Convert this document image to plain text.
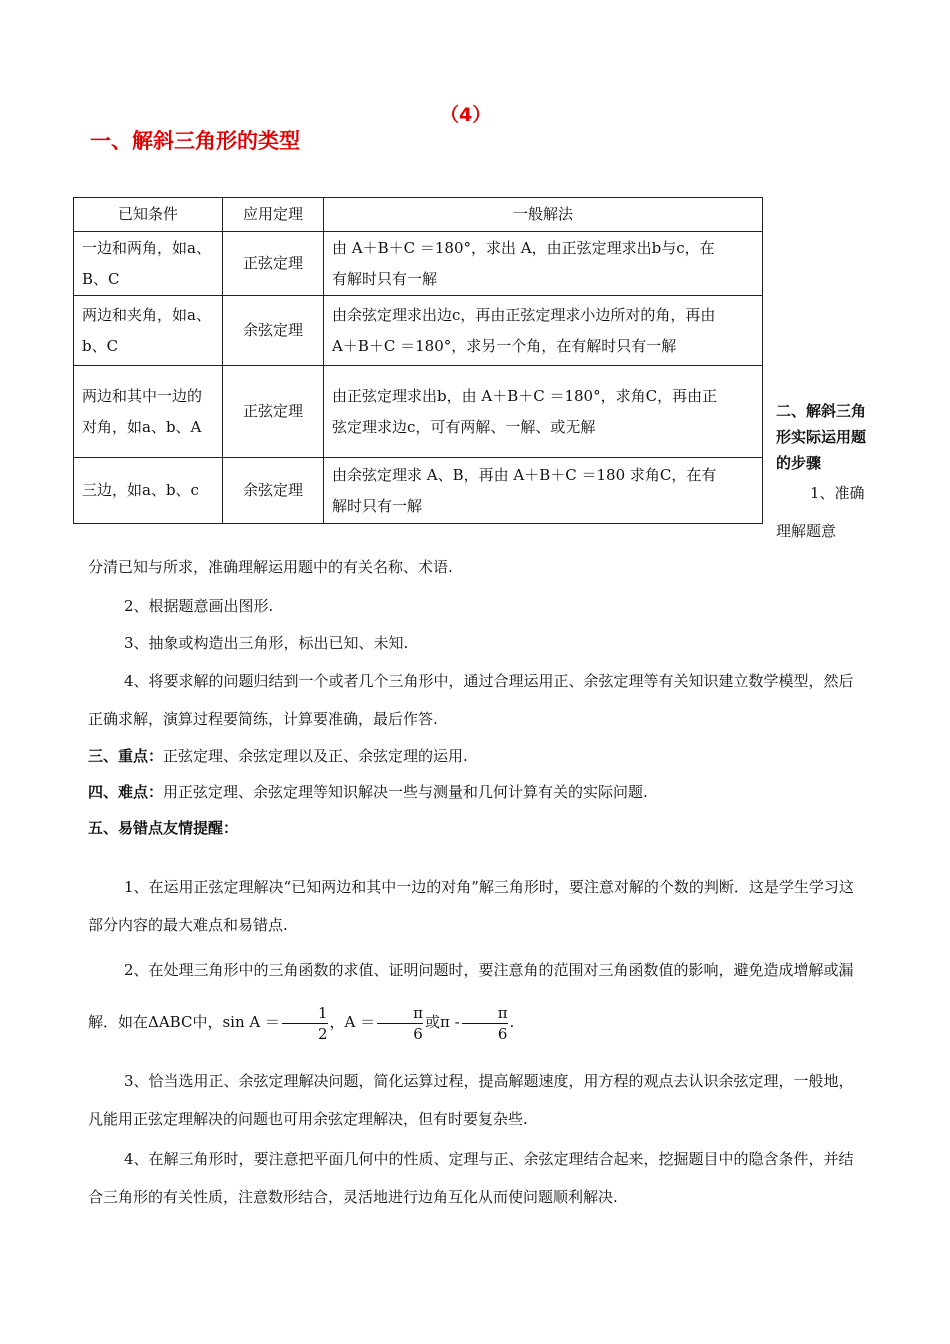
（4）
一、解斜三角形的类型
已知条件	应用定理	一般解法
一边和两角，如a、B、C	正弦定理	由 A＋B＋C ＝180°，求出 A，由正弦定理求出b与c，在
有解时只有一解

两边和夹角，如a、b、C	余弦定理	由余弦定理求出边c，再由正弦定理求小边所对的角，再由
A＋B＋C ＝180°，求另一个角，在有解时只有一解

两边和其中一边的对角，如a、b、A	正弦定理	由正弦定理求出b，由 A＋B＋C ＝180°，求角C，再由正
弦定理求边c，可有两解、一解、或无解

三边，如a、b、c	余弦定理	由余弦定理求 A、B，再由 A＋B＋C ＝180 求角C，在有
解时只有一解
二、解斜三角形实际运用题的步骤
1、准确理解题意
分清已知与所求，准确理解运用题中的有关名称、术语.
2、根据题意画出图形.
3、抽象或构造出三角形，标出已知、未知.
4、将要求解的问题归结到一个或者几个三角形中，通过合理运用正、余弦定理等有关知识建立数学模型，然后正确求解，演算过程要简练，计算要准确，最后作答.
三、重点：正弦定理、余弦定理以及正、余弦定理的运用.
四、难点：用正弦定理、余弦定理等知识解决一些与测量和几何计算有关的实际问题.
五、易错点友情提醒：
1、在运用正弦定理解决“已知两边和其中一边的对角”解三角形时，要注意对解的个数的判断．这是学生学习这部分内容的最大难点和易错点.
2、在处理三角形中的三角函数的求值、证明问题时，要注意角的范围对三角函数值的影响，避免造成增解或漏解．如在ΔABC中，$\sin A = \frac{1}{2}$ ，$A = \frac{\pi}{6}$ 或π - $\frac{\pi}{6}$ .
3、恰当选用正、余弦定理解决问题，简化运算过程，提高解题速度，用方程的观点去认识余弦定理，一般地，凡能用正弦定理解决的问题也可用余弦定理解决，但有时要复杂些.
4、在解三角形时，要注意把平面几何中的性质、定理与正、余弦定理结合起来，挖掘题目中的隐含条件，并结合三角形的有关性质，注意数形结合，灵活地进行边角互化从而使问题顺利解决.
